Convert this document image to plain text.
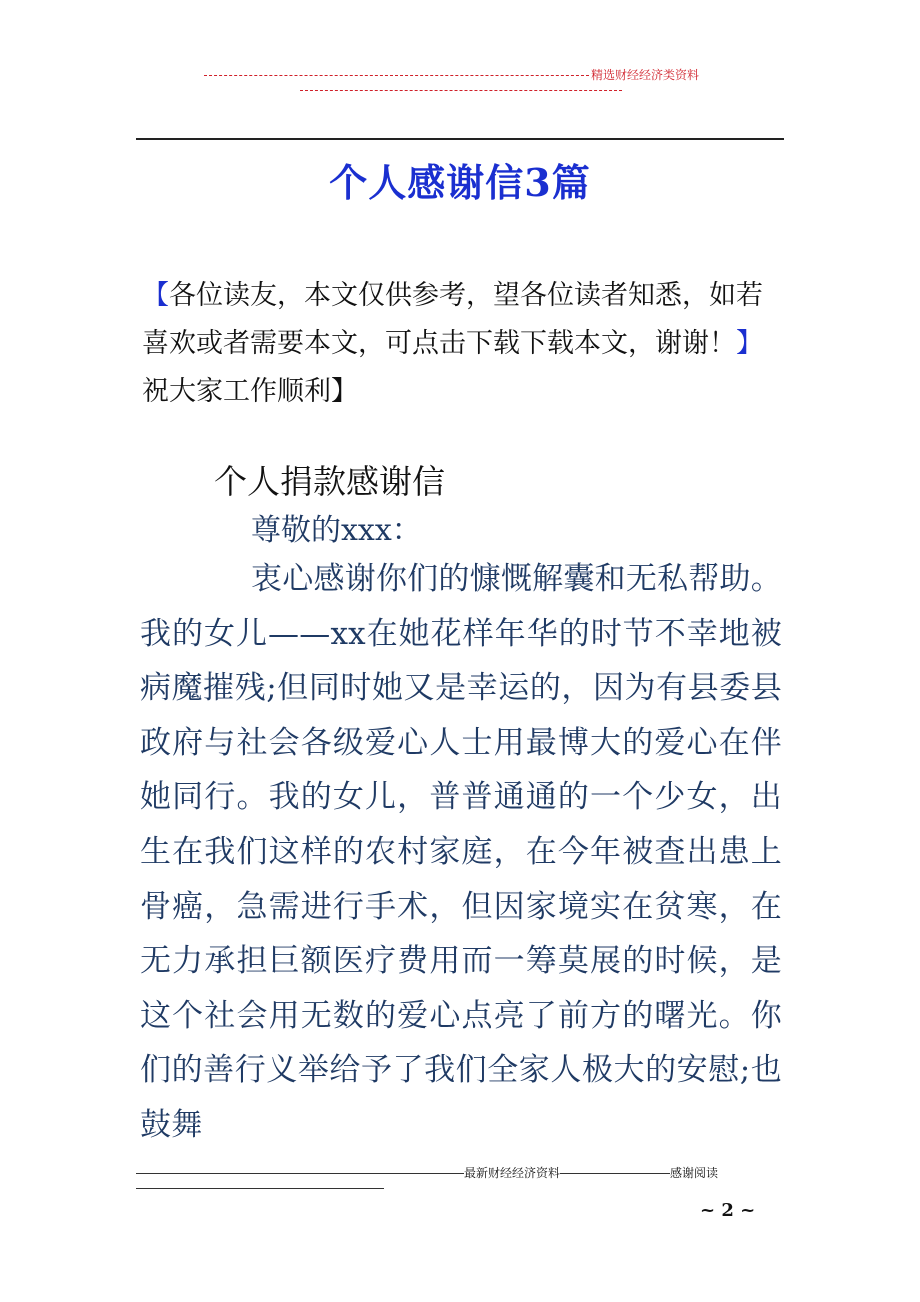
精选财经经济类资料
个人感谢信3篇
【各位读友，本文仅供参考，望各位读者知悉，如若喜欢或者需要本文，可点击下载下载本文，谢谢！】祝大家工作顺利】
个人捐款感谢信
尊敬的xxx：
衷心感谢你们的慷慨解囊和无私帮助。我的女儿——xx在她花样年华的时节不幸地被病魔摧残;但同时她又是幸运的，因为有县委县政府与社会各级爱心人士用最博大的爱心在伴她同行。我的女儿，普普通通的一个少女，出生在我们这样的农村家庭，在今年被查出患上骨癌，急需进行手术，但因家境实在贫寒，在无力承担巨额医疗费用而一筹莫展的时候，是这个社会用无数的爱心点亮了前方的曙光。你们的善行义举给予了我们全家人极大的安慰;也鼓舞
最新财经经济资料	感谢阅读
~ 2 ~
